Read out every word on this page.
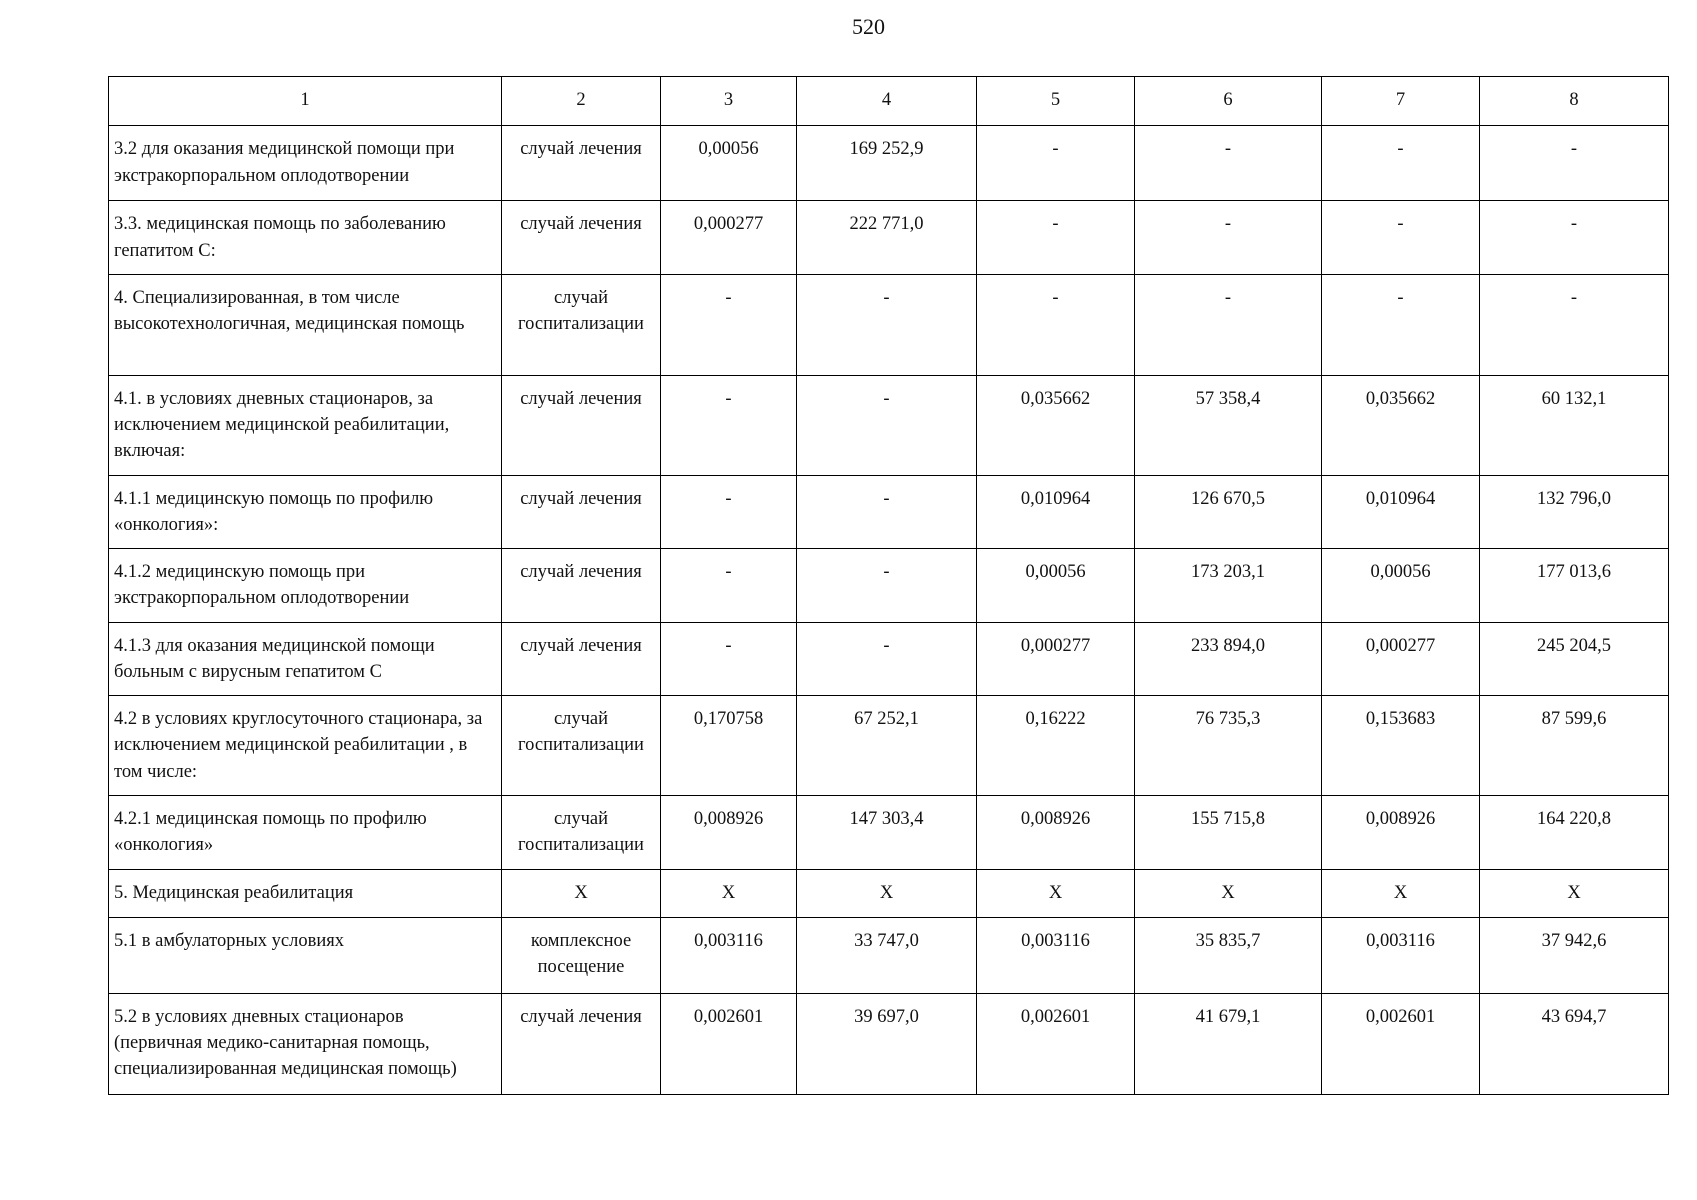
520
1	2	3	4	5	6	7	8
3.2 для оказания медицинской помощи при экстракорпоральном оплодотворении	случай лечения	0,00056	169 252,9	-	-	-	-
3.3. медицинская помощь по заболеванию гепатитом С:	случай лечения	0,000277	222 771,0	-	-	-	-
4. Специализированная, в том числе высокотехнологичная, медицинская помощь	случай госпитализации	-	-	-	-	-	-
4.1. в условиях дневных стационаров, за исключением медицинской реабилитации, включая:	случай лечения	-	-	0,035662	57 358,4	0,035662	60 132,1
4.1.1 медицинскую помощь по профилю «онкология»:	случай лечения	-	-	0,010964	126 670,5	0,010964	132 796,0
4.1.2 медицинскую помощь при экстракорпоральном оплодотворении	случай лечения	-	-	0,00056	173 203,1	0,00056	177 013,6
4.1.3 для оказания медицинской помощи больным с вирусным гепатитом С	случай лечения	-	-	0,000277	233 894,0	0,000277	245 204,5
4.2 в условиях круглосуточного стационара, за исключением медицинской реабилитации , в том числе:	случай госпитализации	0,170758	67 252,1	0,16222	76 735,3	0,153683	87 599,6
4.2.1 медицинская помощь по профилю «онкология»	случай госпитализации	0,008926	147 303,4	0,008926	155 715,8	0,008926	164 220,8
5. Медицинская реабилитация	Х	Х	Х	Х	Х	Х	Х
5.1 в амбулаторных условиях	комплексное посещение	0,003116	33 747,0	0,003116	35 835,7	0,003116	37 942,6
5.2 в условиях дневных стационаров (первичная медико-санитарная помощь, специализированная медицинская помощь)	случай лечения	0,002601	39 697,0	0,002601	41 679,1	0,002601	43 694,7
